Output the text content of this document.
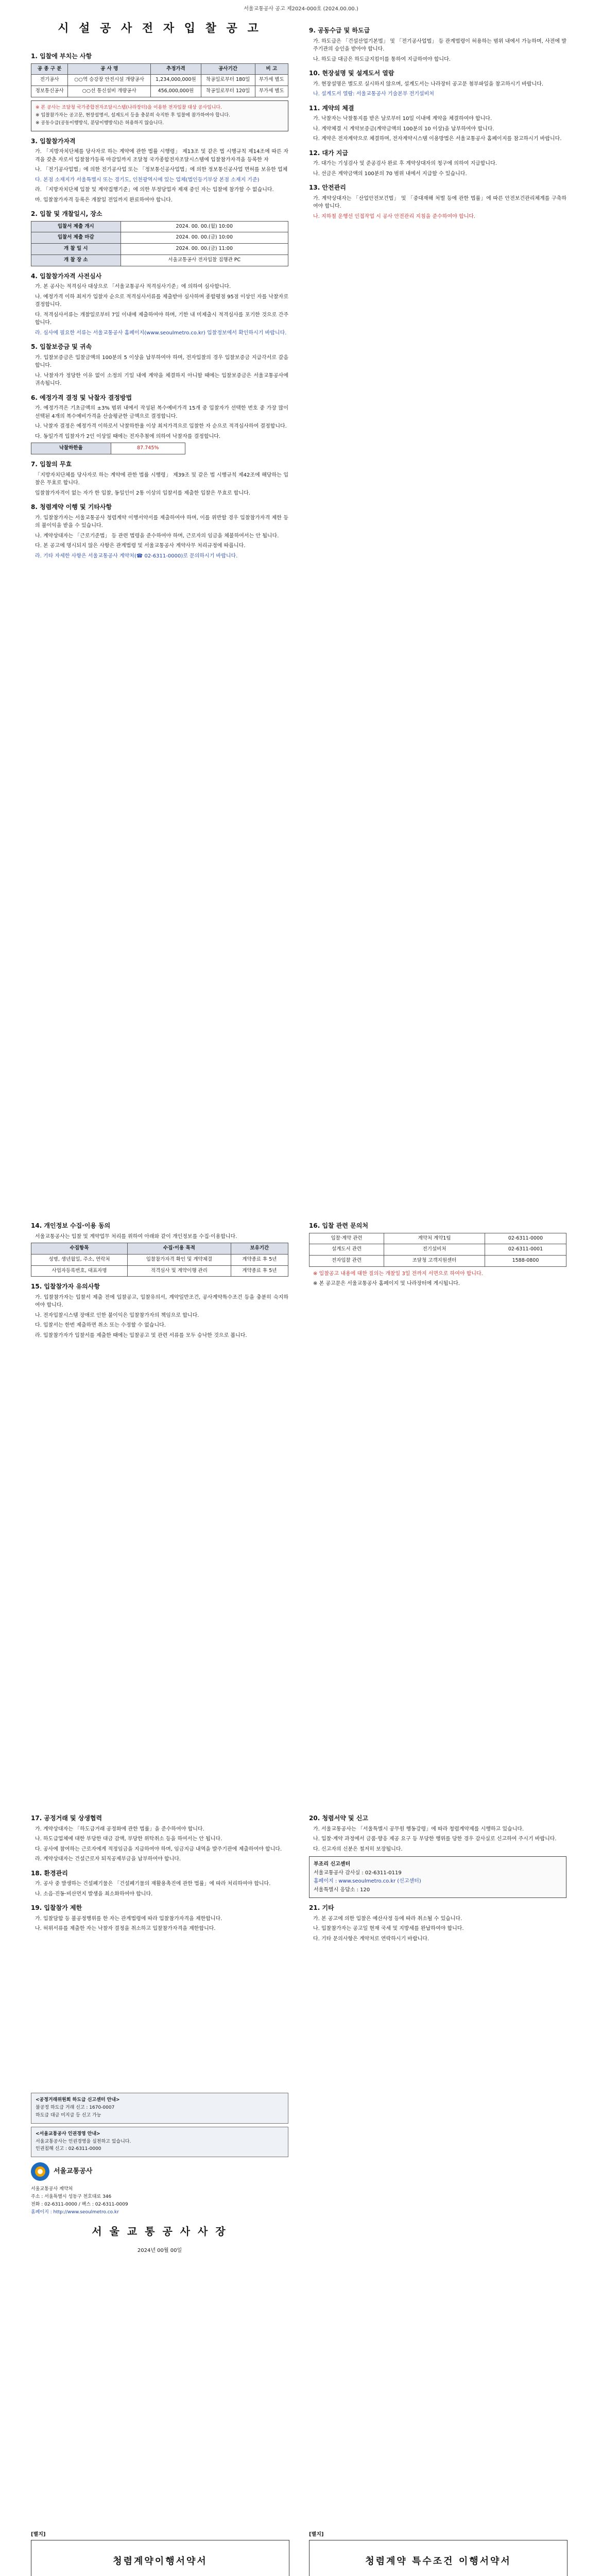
서울교통공사 공고 제2024-000호 (2024.00.00.)
시 설 공 사 전 자 입 찰 공 고
1. 입찰에 부치는 사항
공 종 구 분	공 사 명	추정가격	공사기간	비 고
전기공사	○○역 승강장 안전시설 개량공사	1,234,000,000원	착공일로부터 180일	부가세 별도
정보통신공사	○○선 통신설비 개량공사	456,000,000원	착공일로부터 120일	부가세 별도
※ 본 공사는 조달청 국가종합전자조달시스템(나라장터)을 이용한 전자입찰 대상 공사입니다.
※ 입찰참가자는 공고문, 현장설명서, 설계도서 등을 충분히 숙지한 후 입찰에 참가하여야 합니다.
※ 공동수급(공동이행방식, 분담이행방식)은 허용하지 않습니다.
3. 입찰참가자격
가. 「지방자치단체를 당사자로 하는 계약에 관한 법률 시행령」 제13조 및 같은 법 시행규칙 제14조에 따른 자격을 갖춘 자로서 입찰참가등록 마감일까지 조달청 국가종합전자조달시스템에 입찰참가자격을 등록한 자
나. 「전기공사업법」에 의한 전기공사업 또는 「정보통신공사업법」에 의한 정보통신공사업 면허를 보유한 업체
다. 본점 소재지가 서울특별시 또는 경기도, 인천광역시에 있는 업체(법인등기부상 본점 소재지 기준)
라. 「지방자치단체 입찰 및 계약집행기준」에 의한 부정당업자 제재 중인 자는 입찰에 참가할 수 없습니다.
마. 입찰참가자격 등록은 개찰일 전일까지 완료하여야 합니다.
2. 입찰 및 개찰일시, 장소
입찰서 제출 개시	2024. 00. 00.(월) 10:00
입찰서 제출 마감	2024. 00. 00.(금) 10:00
개 찰 일 시	2024. 00. 00.(금) 11:00
개 찰 장 소	서울교통공사 전자입찰 집행관 PC
4. 입찰참가자격 사전심사
가. 본 공사는 적격심사 대상으로 「서울교통공사 적격심사기준」에 의하여 심사합니다.
나. 예정가격 이하 최저가 입찰자 순으로 적격심사서류를 제출받아 심사하며 종합평점 95점 이상인 자를 낙찰자로 결정합니다.
다. 적격심사서류는 개찰일로부터 7일 이내에 제출하여야 하며, 기한 내 미제출시 적격심사를 포기한 것으로 간주합니다.
라. 심사에 필요한 서류는 서울교통공사 홈페이지(www.seoulmetro.co.kr) 입찰정보에서 확인하시기 바랍니다.
5. 입찰보증금 및 귀속
가. 입찰보증금은 입찰금액의 100분의 5 이상을 납부하여야 하며, 전자입찰의 경우 입찰보증금 지급각서로 갈음합니다.
나. 낙찰자가 정당한 이유 없이 소정의 기일 내에 계약을 체결하지 아니할 때에는 입찰보증금은 서울교통공사에 귀속됩니다.
6. 예정가격 결정 및 낙찰자 결정방법
가. 예정가격은 기초금액의 ±3% 범위 내에서 작성된 복수예비가격 15개 중 입찰자가 선택한 번호 중 가장 많이 선택된 4개의 복수예비가격을 산술평균한 금액으로 결정합니다.
나. 낙찰자 결정은 예정가격 이하로서 낙찰하한율 이상 최저가격으로 입찰한 자 순으로 적격심사하여 결정합니다.
다. 동일가격 입찰자가 2인 이상일 때에는 전자추첨에 의하여 낙찰자를 결정합니다.
낙찰하한율	87.745%
7. 입찰의 무효
「지방자치단체를 당사자로 하는 계약에 관한 법률 시행령」 제39조 및 같은 법 시행규칙 제42조에 해당하는 입찰은 무효로 합니다.
입찰참가자격이 없는 자가 한 입찰, 동일인이 2통 이상의 입찰서를 제출한 입찰은 무효로 합니다.
8. 청렴계약 이행 및 기타사항
가. 입찰참가자는 서울교통공사 청렴계약 이행서약서를 제출하여야 하며, 이를 위반할 경우 입찰참가자격 제한 등의 불이익을 받을 수 있습니다.
나. 계약상대자는 「근로기준법」 등 관련 법령을 준수하여야 하며, 근로자의 임금을 체불하여서는 안 됩니다.
다. 본 공고에 명시되지 않은 사항은 관계법령 및 서울교통공사 계약사무 처리규정에 따릅니다.
라. 기타 자세한 사항은 서울교통공사 계약처(☎ 02-6311-0000)로 문의하시기 바랍니다.
9. 공동수급 및 하도급
가. 하도급은 「건설산업기본법」 및 「전기공사업법」 등 관계법령이 허용하는 범위 내에서 가능하며, 사전에 발주기관의 승인을 받아야 합니다.
나. 하도급 대금은 하도급지킴이를 통하여 지급하여야 합니다.
10. 현장설명 및 설계도서 열람
가. 현장설명은 별도로 실시하지 않으며, 설계도서는 나라장터 공고문 첨부파일을 참고하시기 바랍니다.
나. 설계도서 열람: 서울교통공사 기술본부 전기설비처
11. 계약의 체결
가. 낙찰자는 낙찰통지를 받은 날로부터 10일 이내에 계약을 체결하여야 합니다.
나. 계약체결 시 계약보증금(계약금액의 100분의 10 이상)을 납부하여야 합니다.
다. 계약은 전자계약으로 체결하며, 전자계약시스템 이용방법은 서울교통공사 홈페이지를 참고하시기 바랍니다.
12. 대가 지급
가. 대가는 기성검사 및 준공검사 완료 후 계약상대자의 청구에 의하여 지급합니다.
나. 선금은 계약금액의 100분의 70 범위 내에서 지급할 수 있습니다.
13. 안전관리
가. 계약상대자는 「산업안전보건법」 및 「중대재해 처벌 등에 관한 법률」에 따른 안전보건관리체계를 구축하여야 합니다.
나. 지하철 운행선 인접작업 시 공사 안전관리 지침을 준수하여야 합니다.
14. 개인정보 수집·이용 동의
서울교통공사는 입찰 및 계약업무 처리를 위하여 아래와 같이 개인정보를 수집·이용합니다.
수집항목	수집·이용 목적	보유기간
성명, 생년월일, 주소, 연락처	입찰참가자격 확인 및 계약체결	계약종료 후 5년
사업자등록번호, 대표자명	적격심사 및 계약이행 관리	계약종료 후 5년
15. 입찰참가자 유의사항
가. 입찰참가자는 입찰서 제출 전에 입찰공고, 입찰유의서, 계약일반조건, 공사계약특수조건 등을 충분히 숙지하여야 합니다.
나. 전자입찰시스템 장애로 인한 불이익은 입찰참가자의 책임으로 합니다.
다. 입찰서는 한번 제출하면 취소 또는 수정할 수 없습니다.
라. 입찰참가자가 입찰서를 제출한 때에는 입찰공고 및 관련 서류를 모두 승낙한 것으로 봅니다.
16. 입찰 관련 문의처
입찰·계약 관련	계약처 계약1팀	02-6311-0000
설계도서 관련	전기설비처	02-6311-0001
전자입찰 관련	조달청 고객지원센터	1588-0800
※ 입찰공고 내용에 대한 질의는 개찰일 3일 전까지 서면으로 하여야 합니다.
※ 본 공고문은 서울교통공사 홈페이지 및 나라장터에 게시됩니다.
17. 공정거래 및 상생협력
가. 계약상대자는 「하도급거래 공정화에 관한 법률」을 준수하여야 합니다.
나. 하도급업체에 대한 부당한 대금 감액, 부당한 위탁취소 등을 하여서는 안 됩니다.
다. 공사에 참여하는 근로자에게 적정임금을 지급하여야 하며, 임금지급 내역을 발주기관에 제출하여야 합니다.
라. 계약상대자는 건설근로자 퇴직공제부금을 납부하여야 합니다.
18. 환경관리
가. 공사 중 발생하는 건설폐기물은 「건설폐기물의 재활용촉진에 관한 법률」에 따라 처리하여야 합니다.
나. 소음·진동·비산먼지 발생을 최소화하여야 합니다.
19. 입찰참가 제한
가. 입찰담합 등 불공정행위를 한 자는 관계법령에 따라 입찰참가자격을 제한합니다.
나. 허위서류를 제출한 자는 낙찰자 결정을 취소하고 입찰참가자격을 제한합니다.
<공정거래위원회 하도급 신고센터 안내>
불공정 하도급 거래 신고 : 1670-0007
하도급 대금 미지급 등 신고 가능
<서울교통공사 인권경영 안내>
서울교통공사는 인권경영을 실천하고 있습니다.
인권침해 신고 : 02-6311-0000
서울교통공사
서울교통공사 계약처
주소 : 서울특별시 성동구 천호대로 346
전화 : 02-6311-0000 / 팩스 : 02-6311-0009
홈페이지 : http://www.seoulmetro.co.kr
서 울 교 통 공 사 사 장
2024년 00월 00일
20. 청렴서약 및 신고
가. 서울교통공사는 「서울특별시 공무원 행동강령」에 따라 청렴계약제를 시행하고 있습니다.
나. 입찰·계약 과정에서 금품·향응 제공 요구 등 부당한 행위를 당한 경우 감사실로 신고하여 주시기 바랍니다.
다. 신고자의 신분은 철저히 보장됩니다.
부조리 신고센터
서울교통공사 감사실 : 02-6311-0119
홈페이지 : www.seoulmetro.co.kr (신고센터)
서울특별시 응답소 : 120
21. 기타
가. 본 공고에 의한 입찰은 예산사정 등에 따라 취소될 수 있습니다.
나. 입찰참가자는 공고일 현재 국세 및 지방세를 완납하여야 합니다.
다. 기타 문의사항은 계약처로 연락하시기 바랍니다.
[별지]
청렴계약이행서약서
[별지]
청렴계약 특수조건 이행서약서
